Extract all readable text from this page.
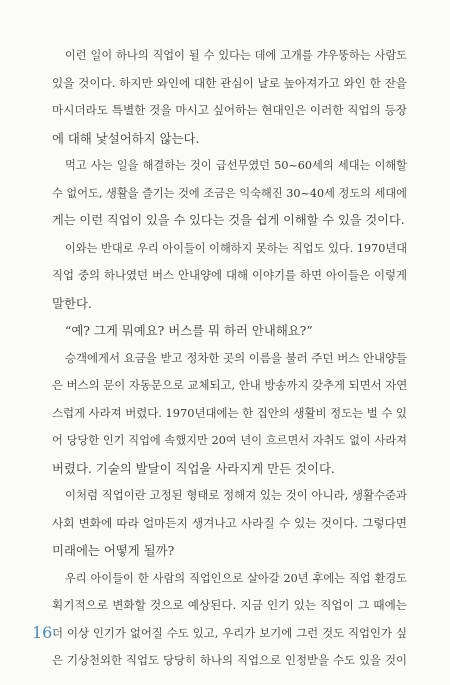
이런 일이 하나의 직업이 될 수 있다는 데에 고개를 갸우뚱하는 사람도
있을 것이다. 하지만 와인에 대한 관심이 날로 높아져가고 와인 한 잔을
마시더라도 특별한 것을 마시고 싶어하는 현대인은 이러한 직업의 등장
에 대해 낯설어하지 않는다.
먹고 사는 일을 해결하는 것이 급선무였던 50~60세의 세대는 이해할
수 없어도, 생활을 즐기는 것에 조금은 익숙해진 30~40세 정도의 세대에
게는 이런 직업이 있을 수 있다는 것을 쉽게 이해할 수 있을 것이다.
이와는 반대로 우리 아이들이 이해하지 못하는 직업도 있다. 1970년대
직업 중의 하나였던 버스 안내양에 대해 이야기를 하면 아이들은 이렇게
말한다.
“예? 그게 뭐예요? 버스를 뭐 하러 안내해요?”
승객에게서 요금을 받고 정차한 곳의 이름을 불러 주던 버스 안내양들
은 버스의 문이 자동문으로 교체되고, 안내 방송까지 갖추게 되면서 자연
스럽게 사라져 버렸다. 1970년대에는 한 집안의 생활비 정도는 벌 수 있
어 당당한 인기 직업에 속했지만 20여 년이 흐르면서 자취도 없이 사라져
버렸다. 기술의 발달이 직업을 사라지게 만든 것이다.
이처럼 직업이란 고정된 형태로 정해져 있는 것이 아니라, 생활수준과
사회 변화에 따라 얼마든지 생겨나고 사라질 수 있는 것이다. 그렇다면
미래에는 어떻게 될까?
우리 아이들이 한 사람의 직업인으로 살아갈 20년 후에는 직업 환경도
획기적으로 변화할 것으로 예상된다. 지금 인기 있는 직업이 그 때에는
더 이상 인기가 없어질 수도 있고, 우리가 보기에 그런 것도 직업인가 싶
은 기상천외한 직업도 당당히 하나의 직업으로 인정받을 수도 있을 것이
16
